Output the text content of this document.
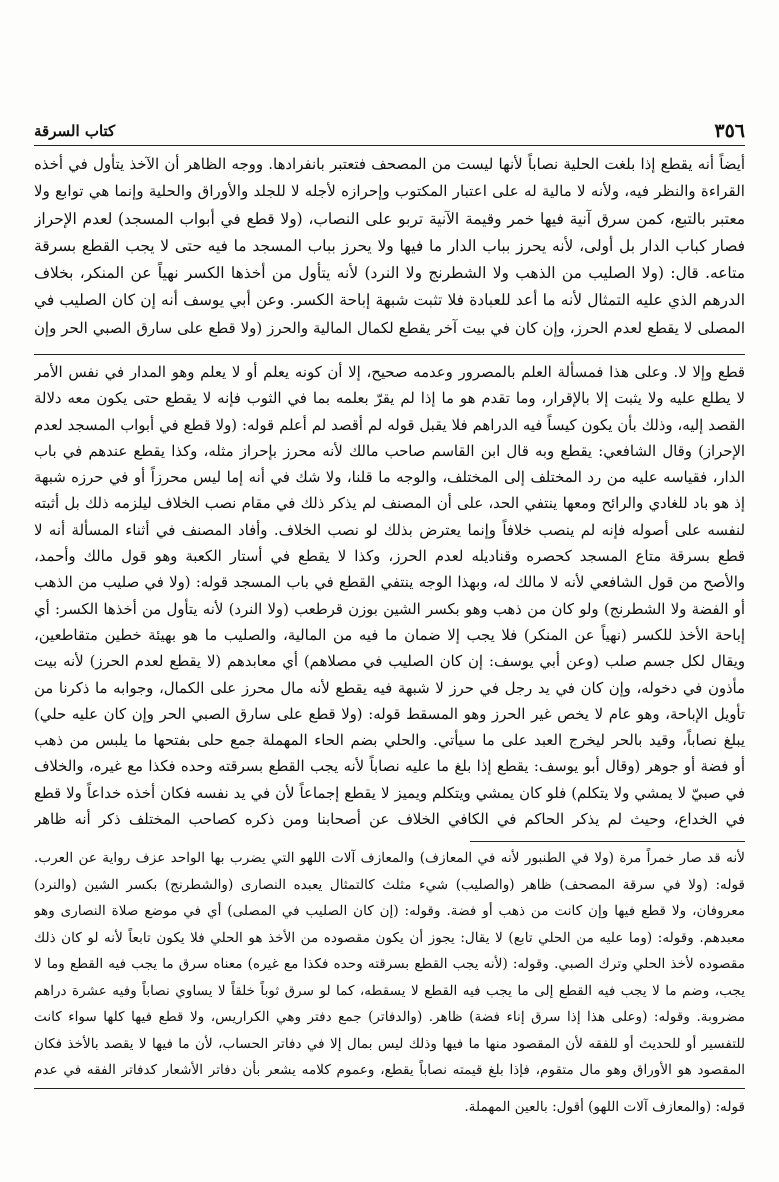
٣٥٦
كتاب السرقة
أيضاً أنه يقطع إذا بلغت الحلية نصاباً لأنها ليست من المصحف فتعتبر بانفرادها. ووجه الظاهر أن الآخذ يتأول في أخذه
القراءة والنظر فيه، ولأنه لا مالية له على اعتبار المكتوب وإحرازه لأجله لا للجلد والأوراق والحلية وإنما هي توابع ولا
معتبر بالتبع، كمن سرق آنية فيها خمر وقيمة الآنية تربو على النصاب، (ولا قطع في أبواب المسجد) لعدم الإحراز
فصار كباب الدار بل أولى، لأنه يحرز بباب الدار ما فيها ولا يحرز بباب المسجد ما فيه حتى لا يجب القطع بسرقة
متاعه. قال: (ولا الصليب من الذهب ولا الشطرنج ولا النرد) لأنه يتأول من أخذها الكسر نهياً عن المنكر، بخلاف
الدرهم الذي عليه التمثال لأنه ما أعد للعبادة فلا تثبت شبهة إباحة الكسر. وعن أبي يوسف أنه إن كان الصليب في
المصلى لا يقطع لعدم الحرز، وإن كان في بيت آخر يقطع لكمال المالية والحرز (ولا قطع على سارق الصبي الحر وإن
قطع وإلا لا. وعلى هذا فمسألة العلم بالمصرور وعدمه صحيح، إلا أن كونه يعلم أو لا يعلم وهو المدار في نفس الأمر
لا يطلع عليه ولا يثبت إلا بالإقرار، وما تقدم هو ما إذا لم يقرّ بعلمه بما في الثوب فإنه لا يقطع حتى يكون معه دلالة
القصد إليه، وذلك بأن يكون كيساً فيه الدراهم فلا يقبل قوله لم أقصد لم أعلم قوله: (ولا قطع في أبواب المسجد لعدم
الإحراز) وقال الشافعي: يقطع وبه قال ابن القاسم صاحب مالك لأنه محرز بإحراز مثله، وكذا يقطع عندهم في باب
الدار، فقياسه عليه من رد المختلف إلى المختلف، والوجه ما قلنا، ولا شك في أنه إما ليس محرزاً أو في حرزه شبهة
إذ هو باد للغادي والرائح ومعها ينتفي الحد، على أن المصنف لم يذكر ذلك في مقام نصب الخلاف ليلزمه ذلك بل أثبته
لنفسه على أصوله فإنه لم ينصب خلافاً وإنما يعترض بذلك لو نصب الخلاف. وأفاد المصنف في أثناء المسألة أنه لا
قطع بسرقة متاع المسجد كحصره وقناديله لعدم الحرز، وكذا لا يقطع في أستار الكعبة وهو قول مالك وأحمد،
والأصح من قول الشافعي لأنه لا مالك له، وبهذا الوجه ينتفي القطع في باب المسجد قوله: (ولا في صليب من الذهب
أو الفضة ولا الشطرنج) ولو كان من ذهب وهو بكسر الشين بوزن قرطعب (ولا النرد) لأنه يتأول من أخذها الكسر: أي
إباحة الأخذ للكسر (نهياً عن المنكر) فلا يجب إلا ضمان ما فيه من المالية، والصليب ما هو بهيئة خطين متقاطعين،
ويقال لكل جسم صلب (وعن أبي يوسف: إن كان الصليب في مصلاهم) أي معابدهم (لا يقطع لعدم الحرز) لأنه بيت
مأذون في دخوله، وإن كان في يد رجل في حرز لا شبهة فيه يقطع لأنه مال محرز على الكمال، وجوابه ما ذكرنا من
تأويل الإباحة، وهو عام لا يخص غير الحرز وهو المسقط قوله: (ولا قطع على سارق الصبي الحر وإن كان عليه حلي)
يبلغ نصاباً، وقيد بالحر ليخرج العبد على ما سيأتي. والحلي بضم الحاء المهملة جمع حلى بفتحها ما يلبس من ذهب
أو فضة أو جوهر (وقال أبو يوسف: يقطع إذا بلغ ما عليه نصاباً لأنه يجب القطع بسرقته وحده فكذا مع غيره، والخلاف
في صبيّ لا يمشي ولا يتكلم) فلو كان يمشي ويتكلم ويميز لا يقطع إجماعاً لأن في يد نفسه فكان أخذه خداعاً ولا قطع
في الخداع، وحيث لم يذكر الحاكم في الكافي الخلاف عن أصحابنا ومن ذكره كصاحب المختلف ذكر أنه ظاهر
لأنه قد صار خمراً مرة (ولا في الطنبور لأنه في المعازف) والمعازف آلات اللهو التي يضرب بها الواحد عزف رواية عن العرب.
قوله: (ولا في سرقة المصحف) ظاهر (والصليب) شيء مثلث كالتمثال يعبده النصارى (والشطرنج) بكسر الشين (والنرد)
معروفان، ولا قطع فيها وإن كانت من ذهب أو فضة. وقوله: (إن كان الصليب في المصلى) أي في موضع صلاة النصارى وهو
معبدهم. وقوله: (وما عليه من الحلي تابع) لا يقال: يجوز أن يكون مقصوده من الأخذ هو الحلي فلا يكون تابعاً لأنه لو كان ذلك
مقصوده لأخذ الحلي وترك الصبي. وقوله: (لأنه يجب القطع بسرقته وحده فكذا مع غيره) معناه سرق ما يجب فيه القطع وما لا
يجب، وضم ما لا يجب فيه القطع إلى ما يجب فيه القطع لا يسقطه، كما لو سرق ثوباً خلقاً لا يساوي نصاباً وفيه عشرة دراهم
مضروبة. وقوله: (وعلى هذا إذا سرق إناء فضة) ظاهر. (والدفاتر) جمع دفتر وهي الكراريس، ولا قطع فيها كلها سواء كانت
للتفسير أو للحديث أو للفقه لأن المقصود منها ما فيها وذلك ليس بمال إلا في دفاتر الحساب، لأن ما فيها لا يقصد بالأخذ فكان
المقصود هو الأوراق وهو مال متقوم، فإذا بلغ قيمته نصاباً يقطع، وعموم كلامه يشعر بأن دفاتر الأشعار كدفاتر الفقه في عدم
قوله: (والمعازف آلات اللهو) أقول: بالعين المهملة.
